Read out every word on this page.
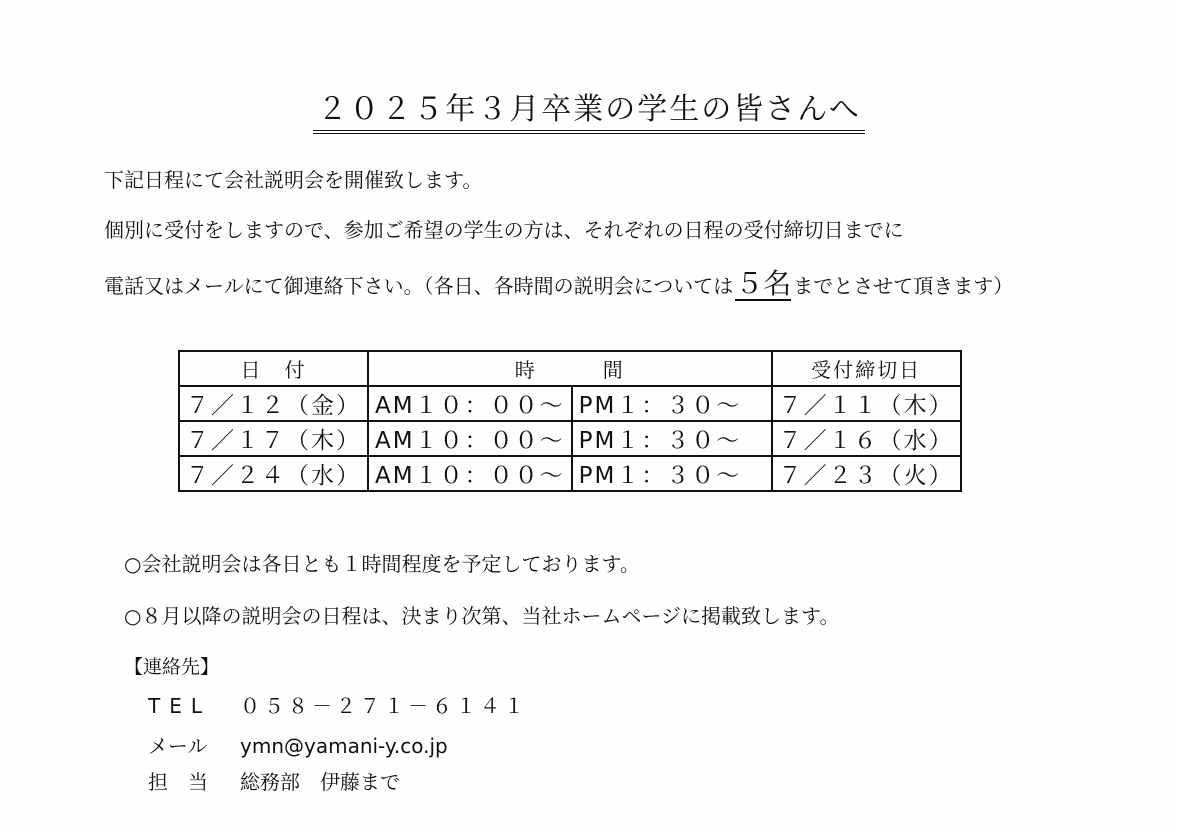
２０２５年３月卒業の学生の皆さんへ
下記日程にて会社説明会を開催致します。
個別に受付をしますので、参加ご希望の学生の方は、それぞれの日程の受付締切日までに
電話又はメールにて御連絡下さい。（各日、各時間の説明会については５名 までとさせて頂きます）
日　付	時　　　間		受付締切日
７／１２（金）	AM１０：００～	PM１：３０～	７／１１（木）
７／１７（木）	AM１０：００～	PM１：３０～	７／１６（水）
７／２４（水）	AM１０：００～	PM１：３０～	７／２３（火）
○会社説明会は各日とも１時間程度を予定しております。
○８月以降の説明会の日程は、決まり次第、当社ホームページに掲載致します。
【連絡先】
TEL ０５８－２７１－６１４１
メール ymn@yamani-y.co.jp
担　当 総務部　伊藤まで
